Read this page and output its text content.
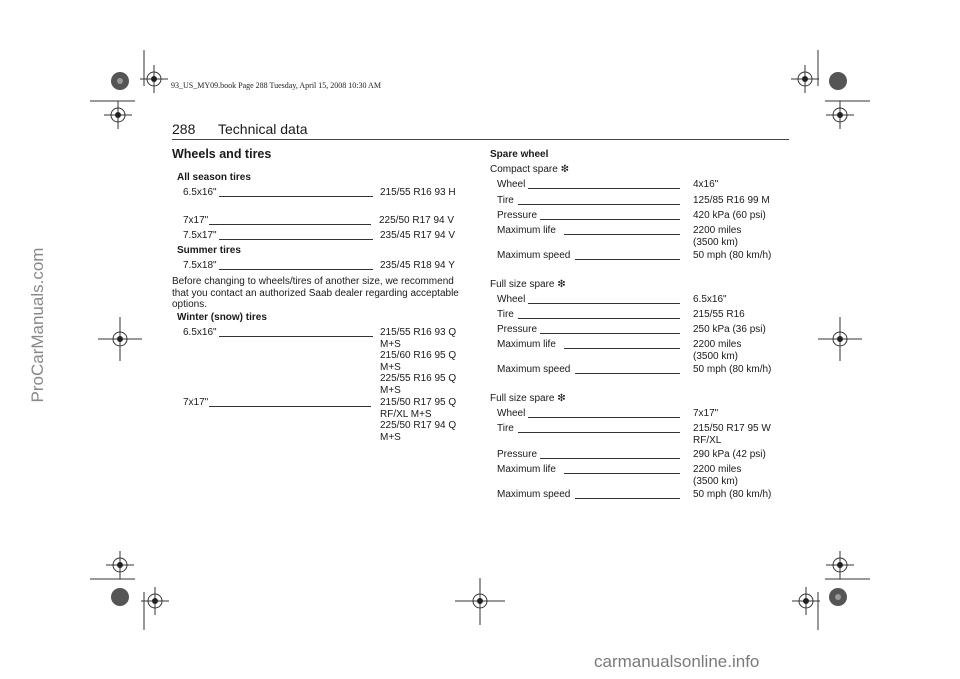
93_US_MY09.book Page 288 Tuesday, April 15, 2008 10:30 AM
288 Technical data
Wheels and tires
All season tires
6.5x16"	215/55 R16 93 H
7x17"	225/50 R17 94 V
7.5x17"	235/45 R17 94 V
Summer tires
7.5x18"	235/45 R18 94 Y
Before changing to wheels/tires of another size, we recommend that you contact an authorized Saab dealer regarding acceptable options.
Winter (snow) tires
6.5x16"	215/55 R16 93 Q
M+S
215/60 R16 95 Q
M+S
225/55 R16 95 Q
M+S
7x17"	215/50 R17 95 Q
RF/XL M+S
225/50 R17 94 Q
M+S
Spare wheel
Compact spare ❇
Wheel	4x16"
Tire	125/85 R16 99 M
Pressure	420 kPa (60 psi)
Maximum life	2200 miles
(3500 km)
Maximum speed	50 mph (80 km/h)
Full size spare ❇
Wheel	6.5x16"
Tire	215/55 R16
Pressure	250 kPa (36 psi)
Maximum life	2200 miles
(3500 km)
Maximum speed	50 mph (80 km/h)
Full size spare ❇
Wheel	7x17"
Tire	215/50 R17 95 W
RF/XL
Pressure	290 kPa (42 psi)
Maximum life	2200 miles
(3500 km)
Maximum speed	50 mph (80 km/h)
ProCarManuals.com
carmanualsonline.info
